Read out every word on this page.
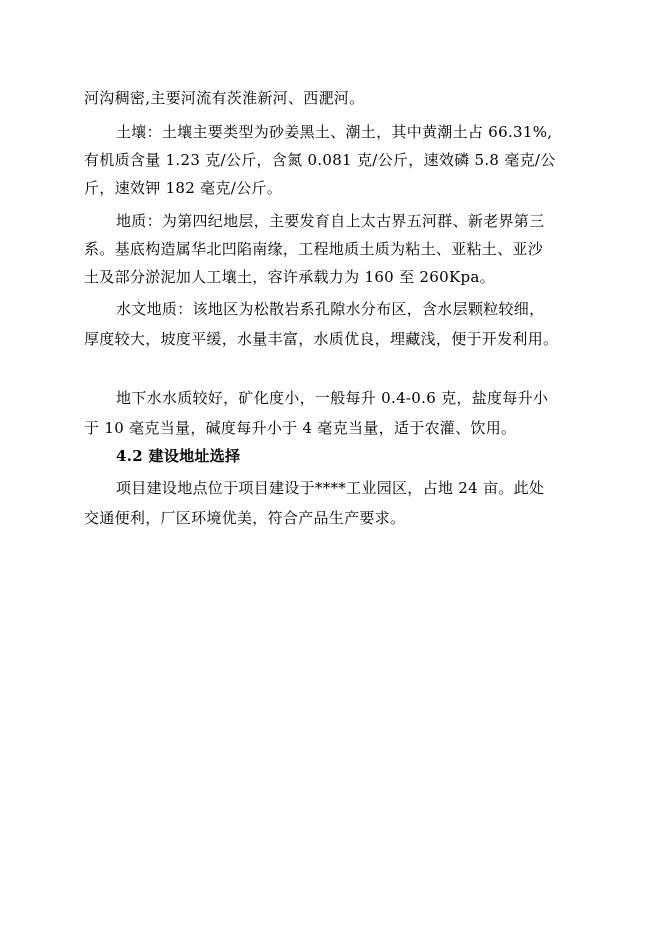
河沟稠密,主要河流有茨淮新河、西淝河。
土壤：土壤主要类型为砂姜黑土、潮土，其中黄潮土占 66.31%,
有机质含量 1.23 克/公斤，含氮 0.081 克/公斤，速效磷 5.8 毫克/公
斤，速效钾 182 毫克/公斤。
地质：为第四纪地层，主要发育自上太古界五河群、新老界第三
系。基底构造属华北凹陷南缘，工程地质土质为粘土、亚粘土、亚沙
土及部分淤泥加人工壤土，容许承载力为 160 至 260Kpa。
水文地质：该地区为松散岩系孔隙水分布区，含水层颗粒较细，
厚度较大，坡度平缓，水量丰富，水质优良，埋藏浅，便于开发利用。
地下水水质较好，矿化度小，一般每升 0.4-0.6 克，盐度每升小
于 10 毫克当量，碱度每升小于 4 毫克当量，适于农灌、饮用。
4.2 建设地址选择
项目建设地点位于项目建设于****工业园区，占地 24 亩。此处
交通便利，厂区环境优美，符合产品生产要求。
